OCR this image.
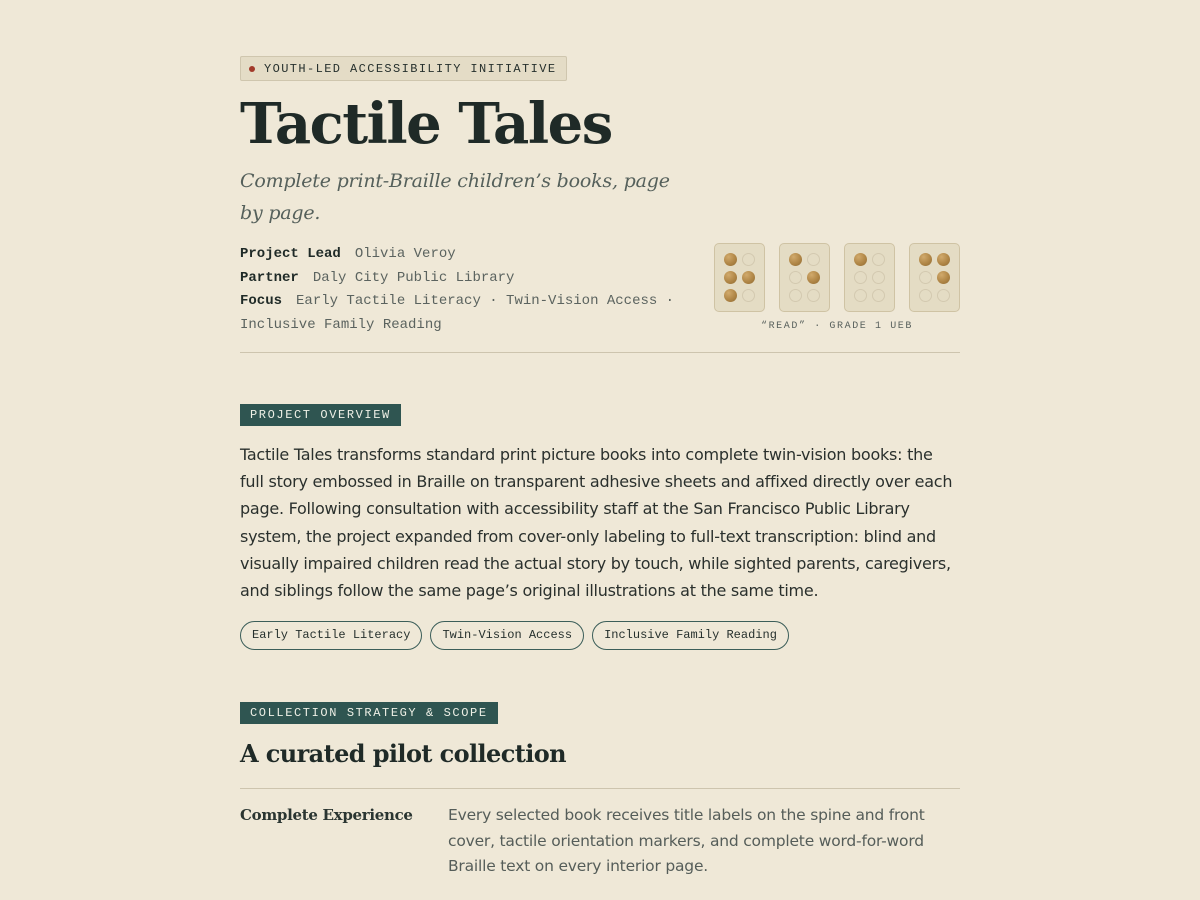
YOUTH-LED ACCESSIBILITY INITIATIVE
Tactile Tales
Complete print-Braille children’s books, page by page.
Project Lead Olivia Veroy
Partner Daly City Public Library
Focus Early Tactile Literacy · Twin-Vision Access · Inclusive Family Reading	“READ” · GRADE 1 UEB
PROJECT OVERVIEW

Tactile Tales transforms standard print picture books into complete twin-vision books: the full story embossed in Braille on transparent adhesive sheets and affixed directly over each page. Following consultation with accessibility staff at the San Francisco Public Library system, the project expanded from cover-only labeling to full-text transcription: blind and visually impaired children read the actual story by touch, while sighted parents, caregivers, and siblings follow the same page’s original illustrations at the same time.

Early Tactile Literacy	Twin-Vision Access	Inclusive Family Reading
COLLECTION STRATEGY & SCOPE
A curated pilot collection
Complete Experience Every selected book receives title labels on the spine and front cover, tactile orientation markers, and complete word-for-word Braille text on every interior page.
